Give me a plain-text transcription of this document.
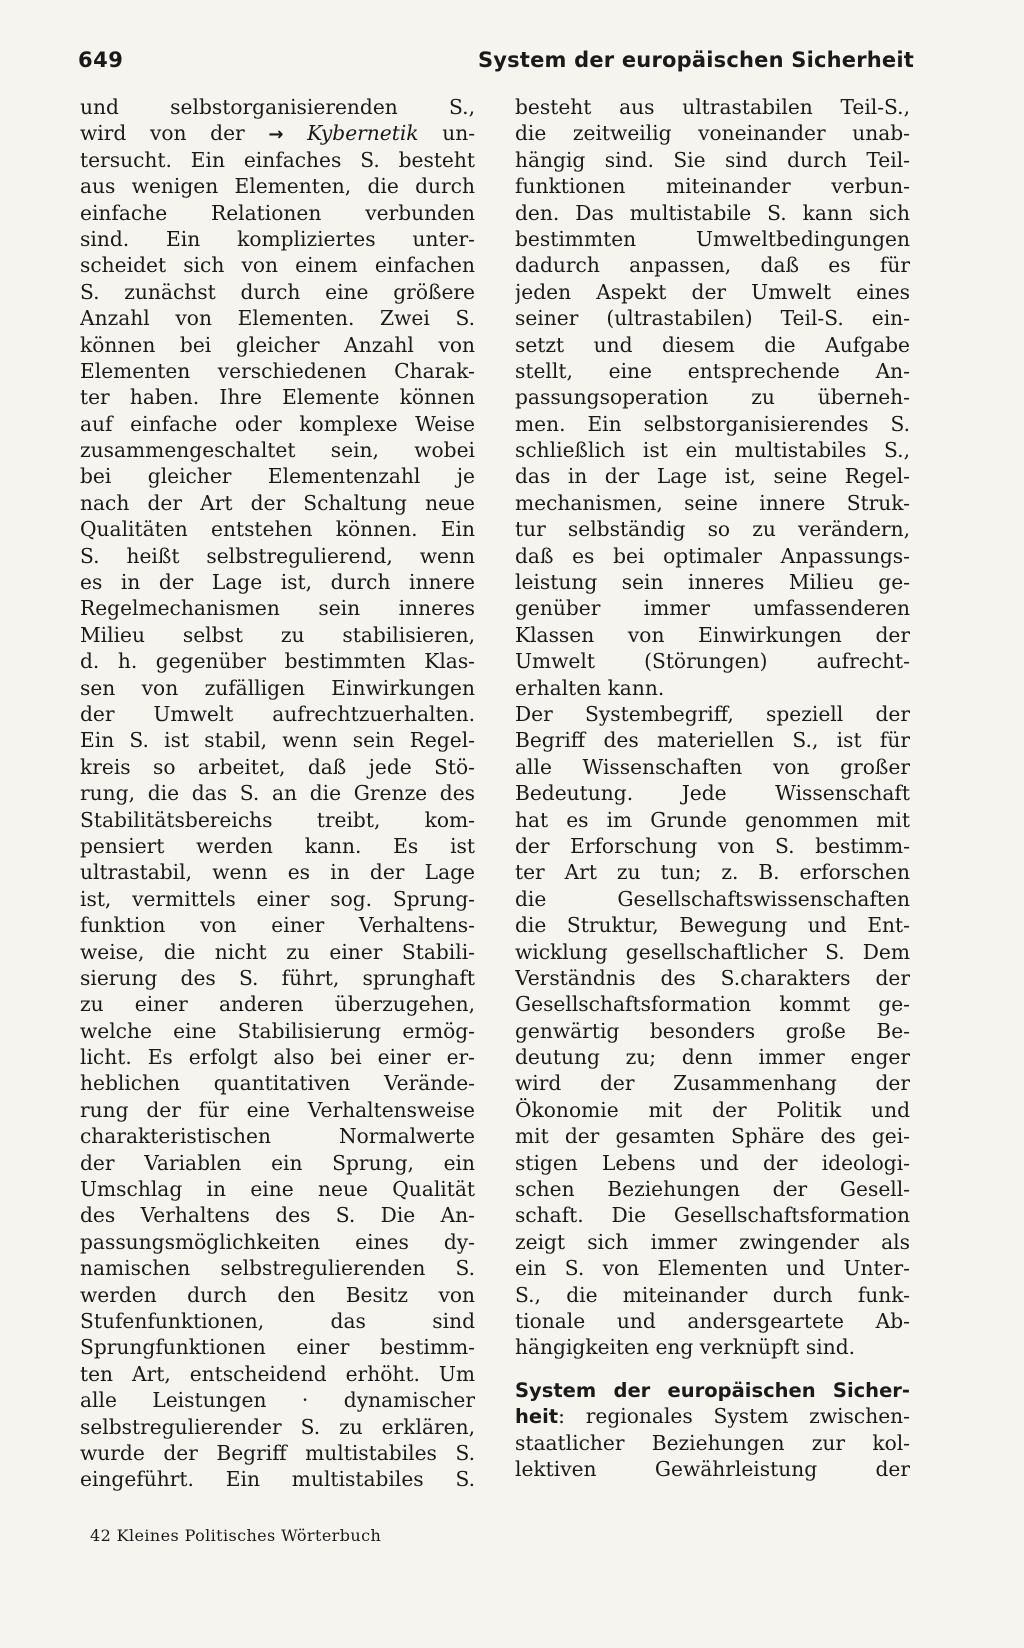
649	System der europäischen Sicherheit
und selbstorganisierenden S.,
wird von der → Kybernetik un-
tersucht. Ein einfaches S. besteht
aus wenigen Elementen, die durch
einfache Relationen verbunden
sind. Ein kompliziertes unter-
scheidet sich von einem einfachen
S. zunächst durch eine größere
Anzahl von Elementen. Zwei S.
können bei gleicher Anzahl von
Elementen verschiedenen Charak-
ter haben. Ihre Elemente können
auf einfache oder komplexe Weise
zusammengeschaltet sein, wobei
bei gleicher Elementenzahl je
nach der Art der Schaltung neue
Qualitäten entstehen können. Ein
S. heißt selbstregulierend, wenn
es in der Lage ist, durch innere
Regelmechanismen sein inneres
Milieu selbst zu stabilisieren,
d. h. gegenüber bestimmten Klas-
sen von zufälligen Einwirkungen
der Umwelt aufrechtzuerhalten.
Ein S. ist stabil, wenn sein Regel-
kreis so arbeitet, daß jede Stö-
rung, die das S. an die Grenze des
Stabilitätsbereichs treibt, kom-
pensiert werden kann. Es ist
ultrastabil, wenn es in der Lage
ist, vermittels einer sog. Sprung-
funktion von einer Verhaltens-
weise, die nicht zu einer Stabili-
sierung des S. führt, sprunghaft
zu einer anderen überzugehen,
welche eine Stabilisierung ermög-
licht. Es erfolgt also bei einer er-
heblichen quantitativen Verände-
rung der für eine Verhaltensweise
charakteristischen Normalwerte
der Variablen ein Sprung, ein
Umschlag in eine neue Qualität
des Verhaltens des S. Die An-
passungsmöglichkeiten eines dy-
namischen selbstregulierenden S.
werden durch den Besitz von
Stufenfunktionen, das sind
Sprungfunktionen einer bestimm-
ten Art, entscheidend erhöht. Um
alle Leistungen · dynamischer
selbstregulierender S. zu erklären,
wurde der Begriff multistabiles S.
eingeführt. Ein multistabiles S.
besteht aus ultrastabilen Teil-S.,
die zeitweilig voneinander unab-
hängig sind. Sie sind durch Teil-
funktionen miteinander verbun-
den. Das multistabile S. kann sich
bestimmten Umweltbedingungen
dadurch anpassen, daß es für
jeden Aspekt der Umwelt eines
seiner (ultrastabilen) Teil-S. ein-
setzt und diesem die Aufgabe
stellt, eine entsprechende An-
passungsoperation zu überneh-
men. Ein selbstorganisierendes S.
schließlich ist ein multistabiles S.,
das in der Lage ist, seine Regel-
mechanismen, seine innere Struk-
tur selbständig so zu verändern,
daß es bei optimaler Anpassungs-
leistung sein inneres Milieu ge-
genüber immer umfassenderen
Klassen von Einwirkungen der
Umwelt (Störungen) aufrecht-
erhalten kann.
Der Systembegriff, speziell der
Begriff des materiellen S., ist für
alle Wissenschaften von großer
Bedeutung. Jede Wissenschaft
hat es im Grunde genommen mit
der Erforschung von S. bestimm-
ter Art zu tun; z. B. erforschen
die Gesellschaftswissenschaften
die Struktur, Bewegung und Ent-
wicklung gesellschaftlicher S. Dem
Verständnis des S.charakters der
Gesellschaftsformation kommt ge-
genwärtig besonders große Be-
deutung zu; denn immer enger
wird der Zusammenhang der
Ökonomie mit der Politik und
mit der gesamten Sphäre des gei-
stigen Lebens und der ideologi-
schen Beziehungen der Gesell-
schaft. Die Gesellschaftsformation
zeigt sich immer zwingender als
ein S. von Elementen und Unter-
S., die miteinander durch funk-
tionale und andersgeartete Ab-
hängigkeiten eng verknüpft sind.
System der europäischen Sicher-
heit: regionales System zwischen-
staatlicher Beziehungen zur kol-
lektiven Gewährleistung der
42 Kleines Politisches Wörterbuch
